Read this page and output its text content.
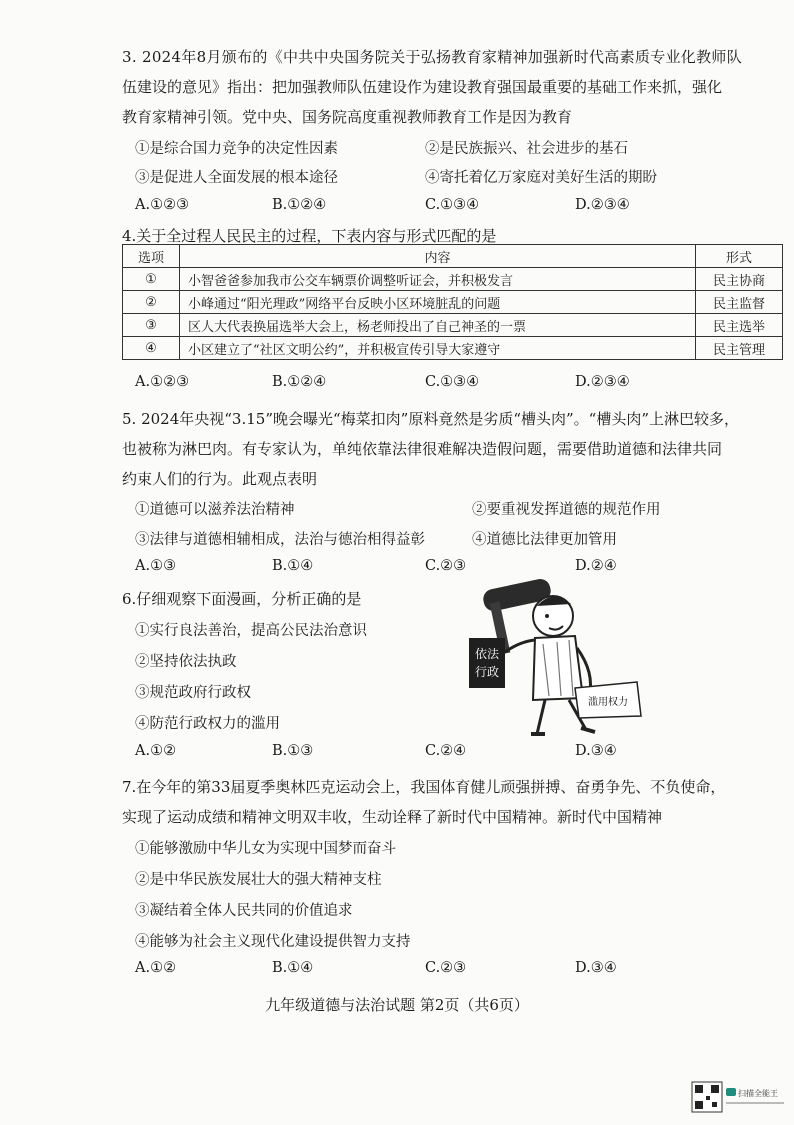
3. 2024年8月颁布的《中共中央国务院关于弘扬教育家精神加强新时代高素质专业化教师队
伍建设的意见》指出：把加强教师队伍建设作为建设教育强国最重要的基础工作来抓，强化
教育家精神引领。党中央、国务院高度重视教师教育工作是因为教育
①是综合国力竞争的决定性因素	②是民族振兴、社会进步的基石
③是促进人全面发展的根本途径	④寄托着亿万家庭对美好生活的期盼
A.①②③	B.①②④	C.①③④	D.②③④
4.关于全过程人民民主的过程，下表内容与形式匹配的是
选项	内容	形式
①	小智爸爸参加我市公交车辆票价调整听证会，并积极发言	民主协商
②	小峰通过“阳光理政”网络平台反映小区环境脏乱的问题	民主监督
③	区人大代表换届选举大会上，杨老师投出了自己神圣的一票	民主选举
④	小区建立了“社区文明公约”，并积极宣传引导大家遵守	民主管理
A.①②③	B.①②④	C.①③④	D.②③④
5. 2024年央视“3.15”晚会曝光“梅菜扣肉”原料竟然是劣质“槽头肉”。“槽头肉”上淋巴较多，
也被称为淋巴肉。有专家认为，单纯依靠法律很难解决造假问题，需要借助道德和法律共同
约束人们的行为。此观点表明
①道德可以滋养法治精神	②要重视发挥道德的规范作用
③法律与道德相辅相成，法治与德治相得益彰	④道德比法律更加管用
A.①③	B.①④	C.②③	D.②④
6.仔细观察下面漫画，分析正确的是
①实行良法善治，提高公民法治意识
②坚持依法执政
③规范政府行政权
④防范行政权力的滥用
A.①②	B.①③	C.②④	D.③④
依法
行政
滥用权力
7.在今年的第33届夏季奥林匹克运动会上，我国体育健儿顽强拼搏、奋勇争先、不负使命，
实现了运动成绩和精神文明双丰收，生动诠释了新时代中国精神。新时代中国精神
①能够激励中华儿女为实现中国梦而奋斗
②是中华民族发展壮大的强大精神支柱
③凝结着全体人民共同的价值追求
④能够为社会主义现代化建设提供智力支持
A.①②	B.①④	C.②③	D.③④
九年级道德与法治试题 第2页（共6页）
扫描全能王
